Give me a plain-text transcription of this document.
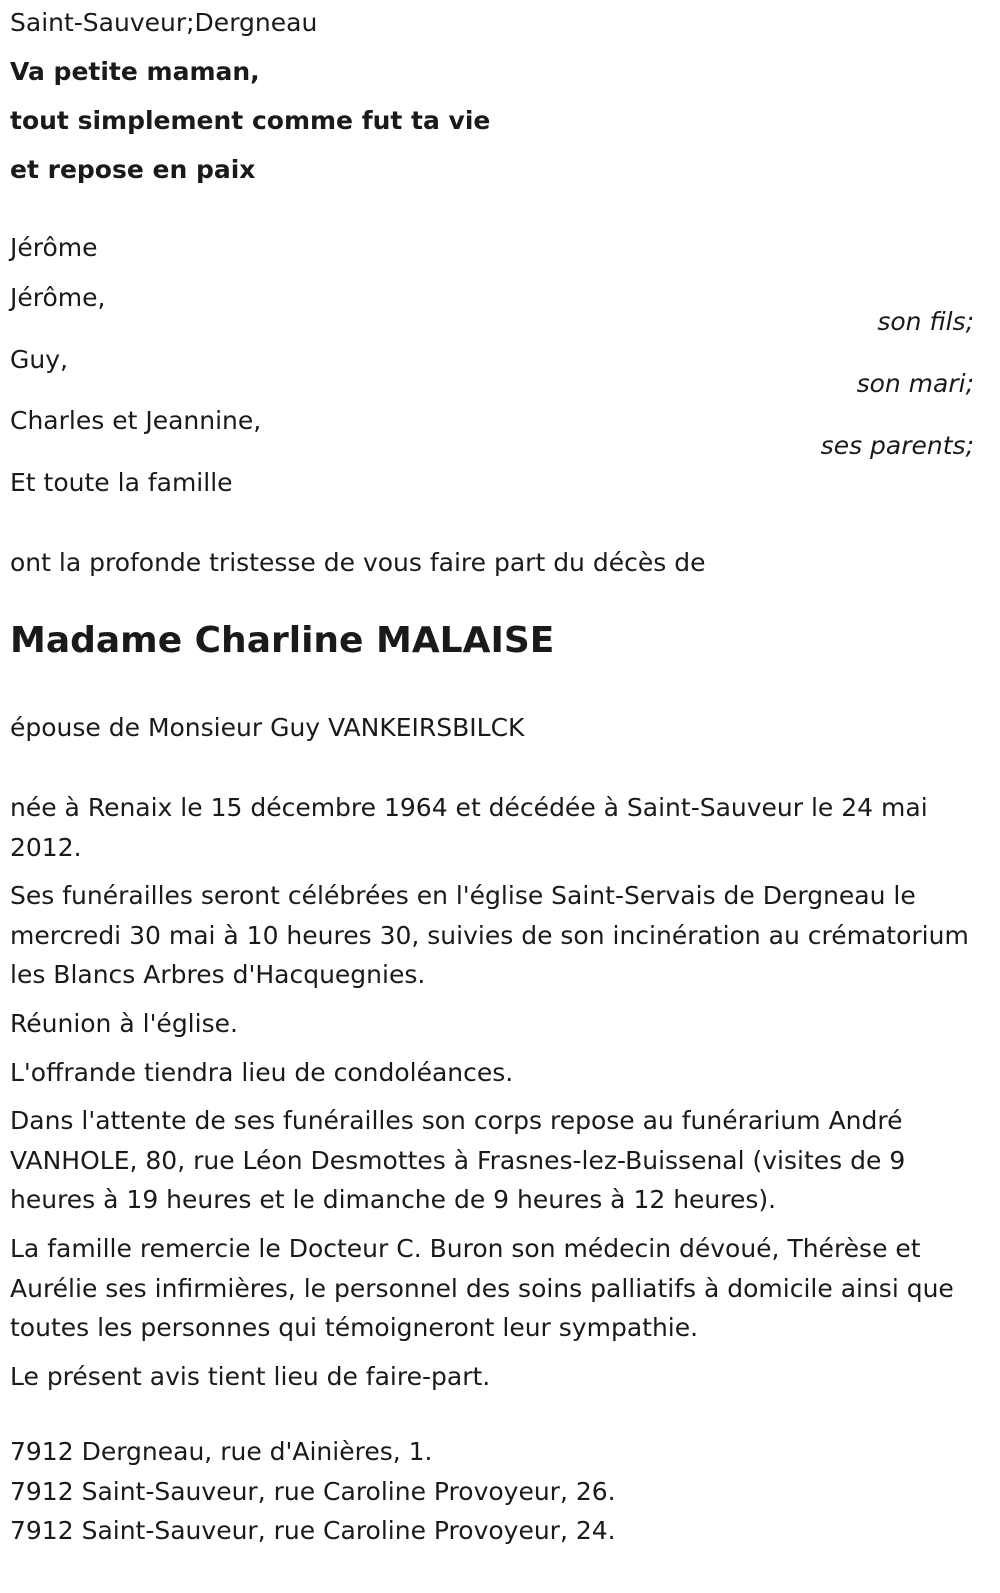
Saint-Sauveur;Dergneau
Va petite maman,
tout simplement comme fut ta vie
et repose en paix
Jérôme
Jérôme,
son fils;
Guy,
son mari;
Charles et Jeannine,
ses parents;
Et toute la famille
ont la profonde tristesse de vous faire part du décès de
Madame Charline MALAISE
épouse de Monsieur Guy VANKEIRSBILCK
née à Renaix le 15 décembre 1964 et décédée à Saint-Sauveur le 24 mai 2012.
Ses funérailles seront célébrées en l'église Saint-Servais de Dergneau le mercredi 30 mai à 10 heures 30, suivies de son incinération au crématorium les Blancs Arbres d'Hacquegnies.
Réunion à l'église.
L'offrande tiendra lieu de condoléances.
Dans l'attente de ses funérailles son corps repose au funérarium André VANHOLE, 80, rue Léon Desmottes à Frasnes-lez-Buissenal (visites de 9 heures à 19 heures et le dimanche de 9 heures à 12 heures).
La famille remercie le Docteur C. Buron son médecin dévoué, Thérèse et Aurélie ses infirmières, le personnel des soins palliatifs à domicile ainsi que toutes les personnes qui témoigneront leur sympathie.
Le présent avis tient lieu de faire-part.
7912 Dergneau, rue d'Ainières, 1.
7912 Saint-Sauveur, rue Caroline Provoyeur, 26.
7912 Saint-Sauveur, rue Caroline Provoyeur, 24.
